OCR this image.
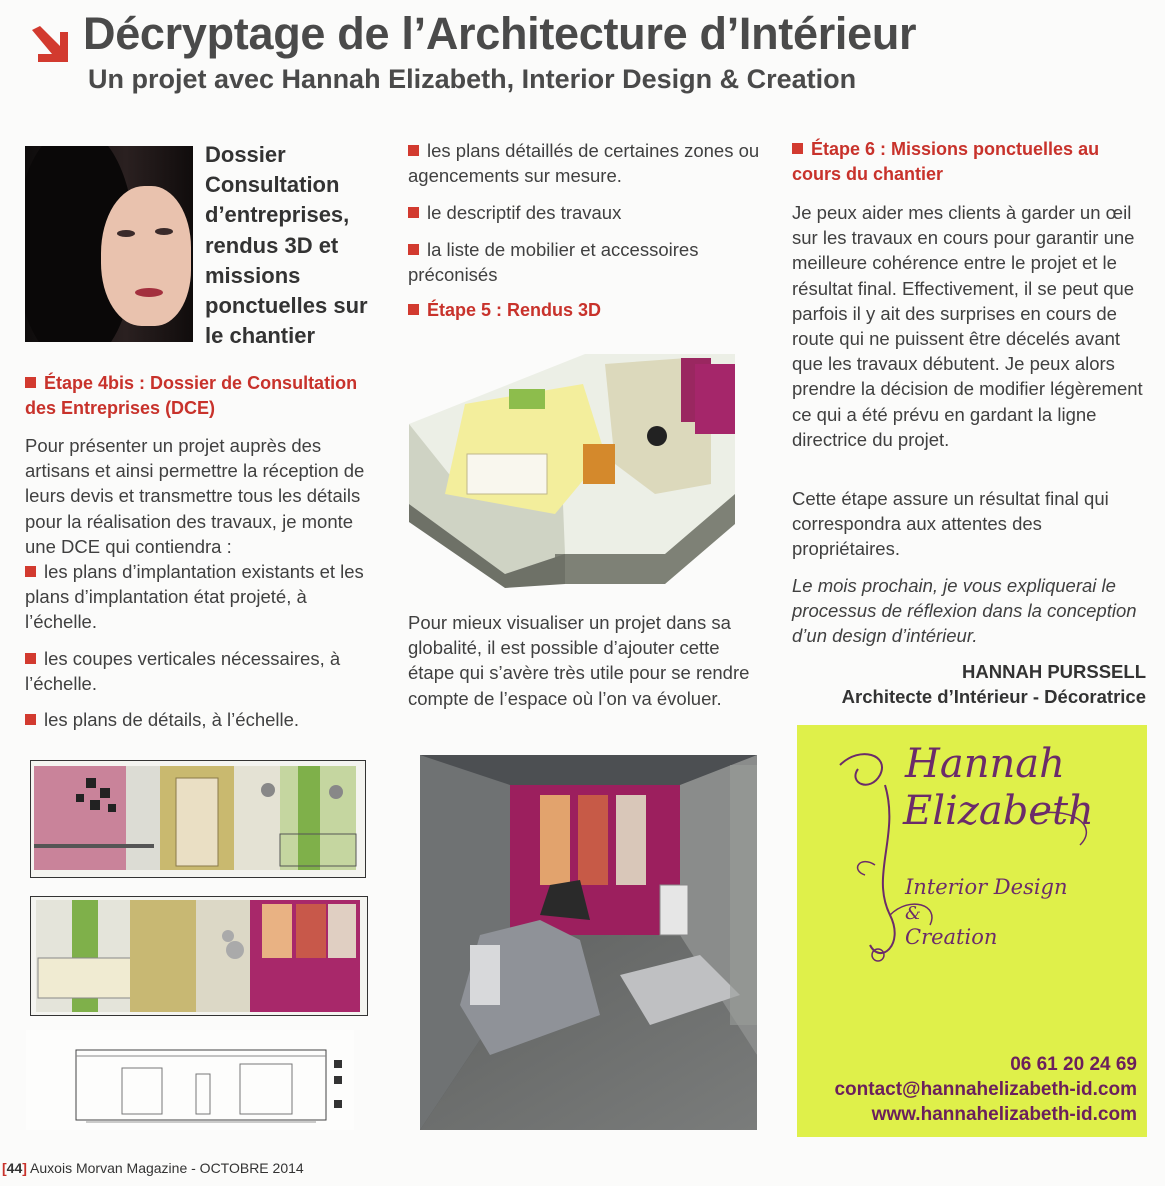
Décryptage de l’Architecture d’Intérieur
Un projet avec Hannah Elizabeth, Interior Design & Creation
Dossier Consultation d’entreprises, rendus 3D et missions ponctuelles sur le chantier
Étape 4bis : Dossier de Consultation des Entreprises (DCE)
Pour présenter un projet auprès des artisans et ainsi permettre la réception de leurs devis et transmettre tous les détails pour la réalisation des travaux, je monte une DCE qui contiendra :
les plans d’implantation existants et les plans d’implantation état projeté, à l’échelle.
les coupes verticales nécessaires, à l’échelle.
les plans de détails, à l’échelle.
les plans détaillés de certaines zones ou agencements sur mesure.
le descriptif des travaux
la liste de mobilier et accessoires préconisés
Étape 5 : Rendus 3D
Pour mieux visualiser un projet dans sa globalité, il est possible d’ajouter cette étape qui s’avère très utile pour se rendre compte de l’espace où l’on va évoluer.
Étape 6 : Missions ponctuelles au cours du chantier
Je peux aider mes clients à garder un œil sur les travaux en cours pour garantir une meilleure cohérence entre le projet et le résultat final. Effectivement, il se peut que parfois il y ait des surprises en cours de route qui ne puissent être décelés avant que les travaux débutent. Je peux alors prendre la décision de modifier légèrement ce qui a été prévu en gardant la ligne directrice du projet.
Cette étape assure un résultat final qui correspondra aux attentes des propriétaires.
Le mois prochain, je vous expliquerai le processus de réflexion dans la conception d’un design d’intérieur.
HANNAH PURSSELL
Architecte d’Intérieur - Décoratrice
Hannah
Elizabeth
Interior Design
&
Creation
06 61 20 24 69
contact@hannahelizabeth-id.com
www.hannahelizabeth-id.com
[44] Auxois Morvan Magazine - OCTOBRE 2014
